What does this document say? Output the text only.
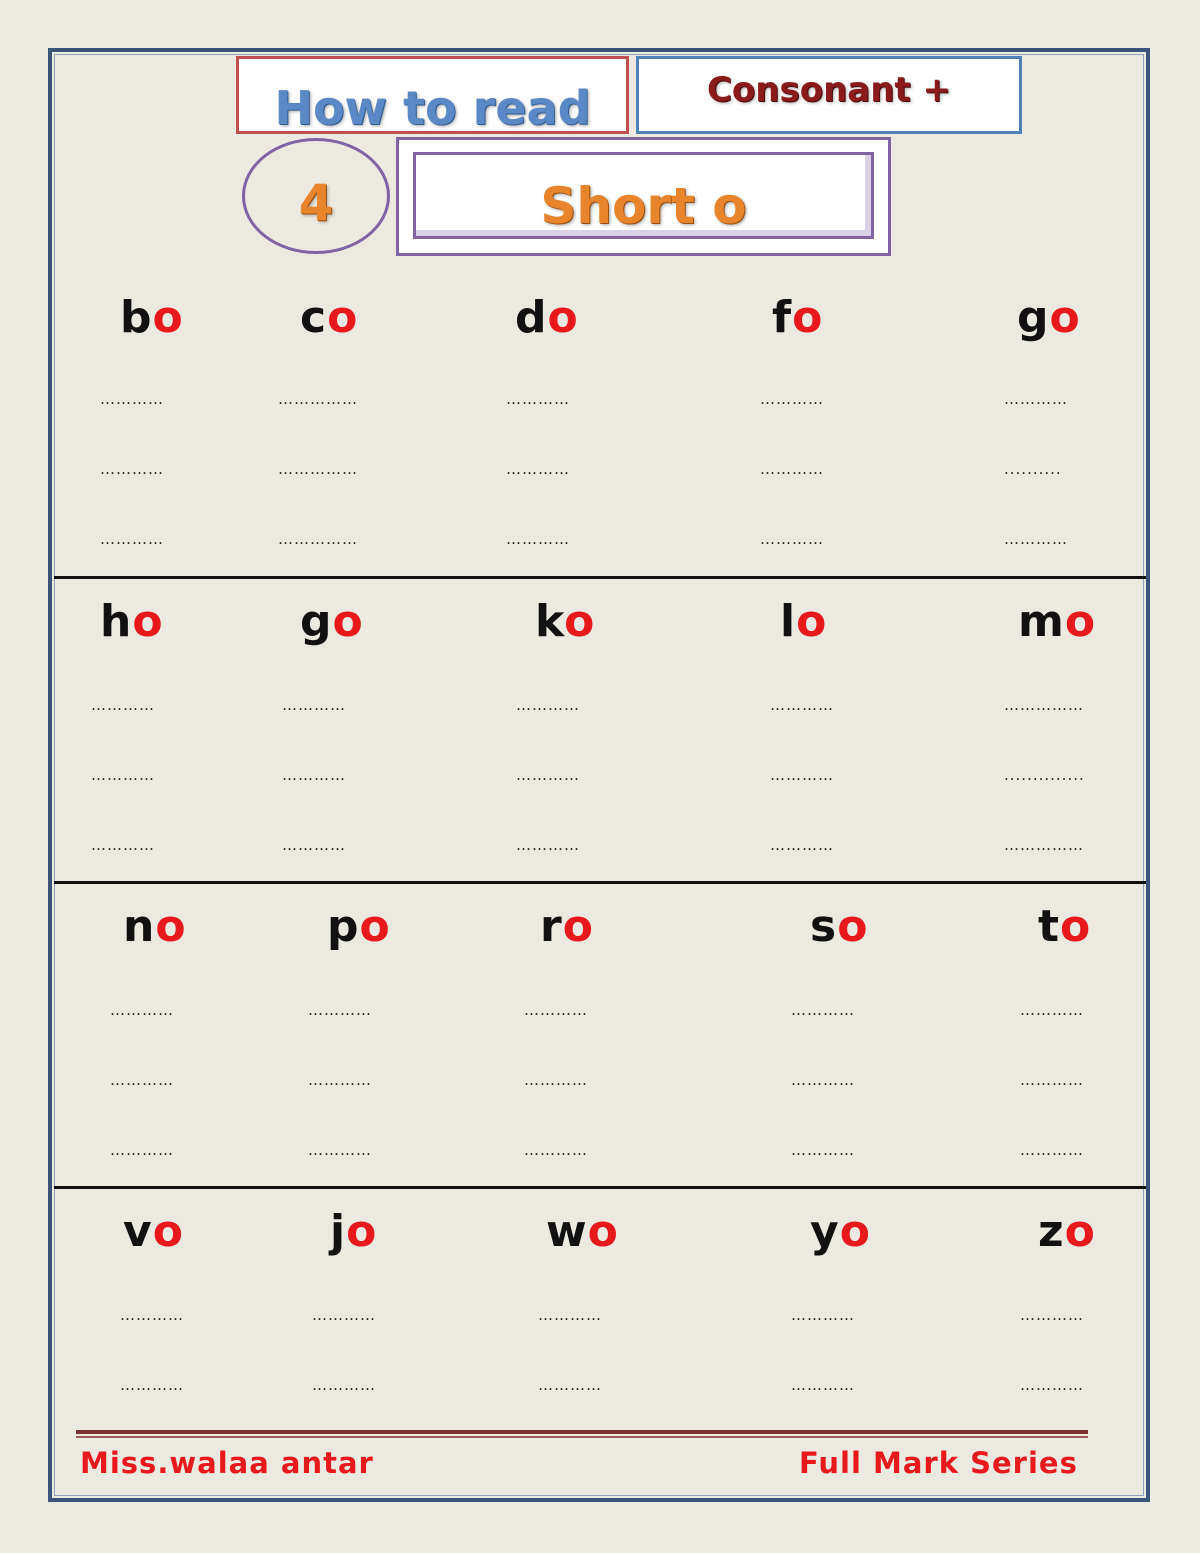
How to read	Consonant +
4	Short o
bo	co	do	fo	go
…………	……………	…………	…………	…………
…………	……………	…………	…………	..........
…………	……………	…………	…………	…………
ho	go	ko	lo	mo
…………	…………	…………	…………	……………
…………	…………	…………	…………	..............
…………	…………	…………	…………	……………
no	po	ro	so	to
…………	…………	…………	…………	…………
…………	…………	…………	…………	…………
…………	…………	…………	…………	…………
vo	jo	wo	yo	zo
…………	…………	…………	…………	…………
…………	…………	…………	…………	…………
Miss.walaa antar	Full Mark Series
